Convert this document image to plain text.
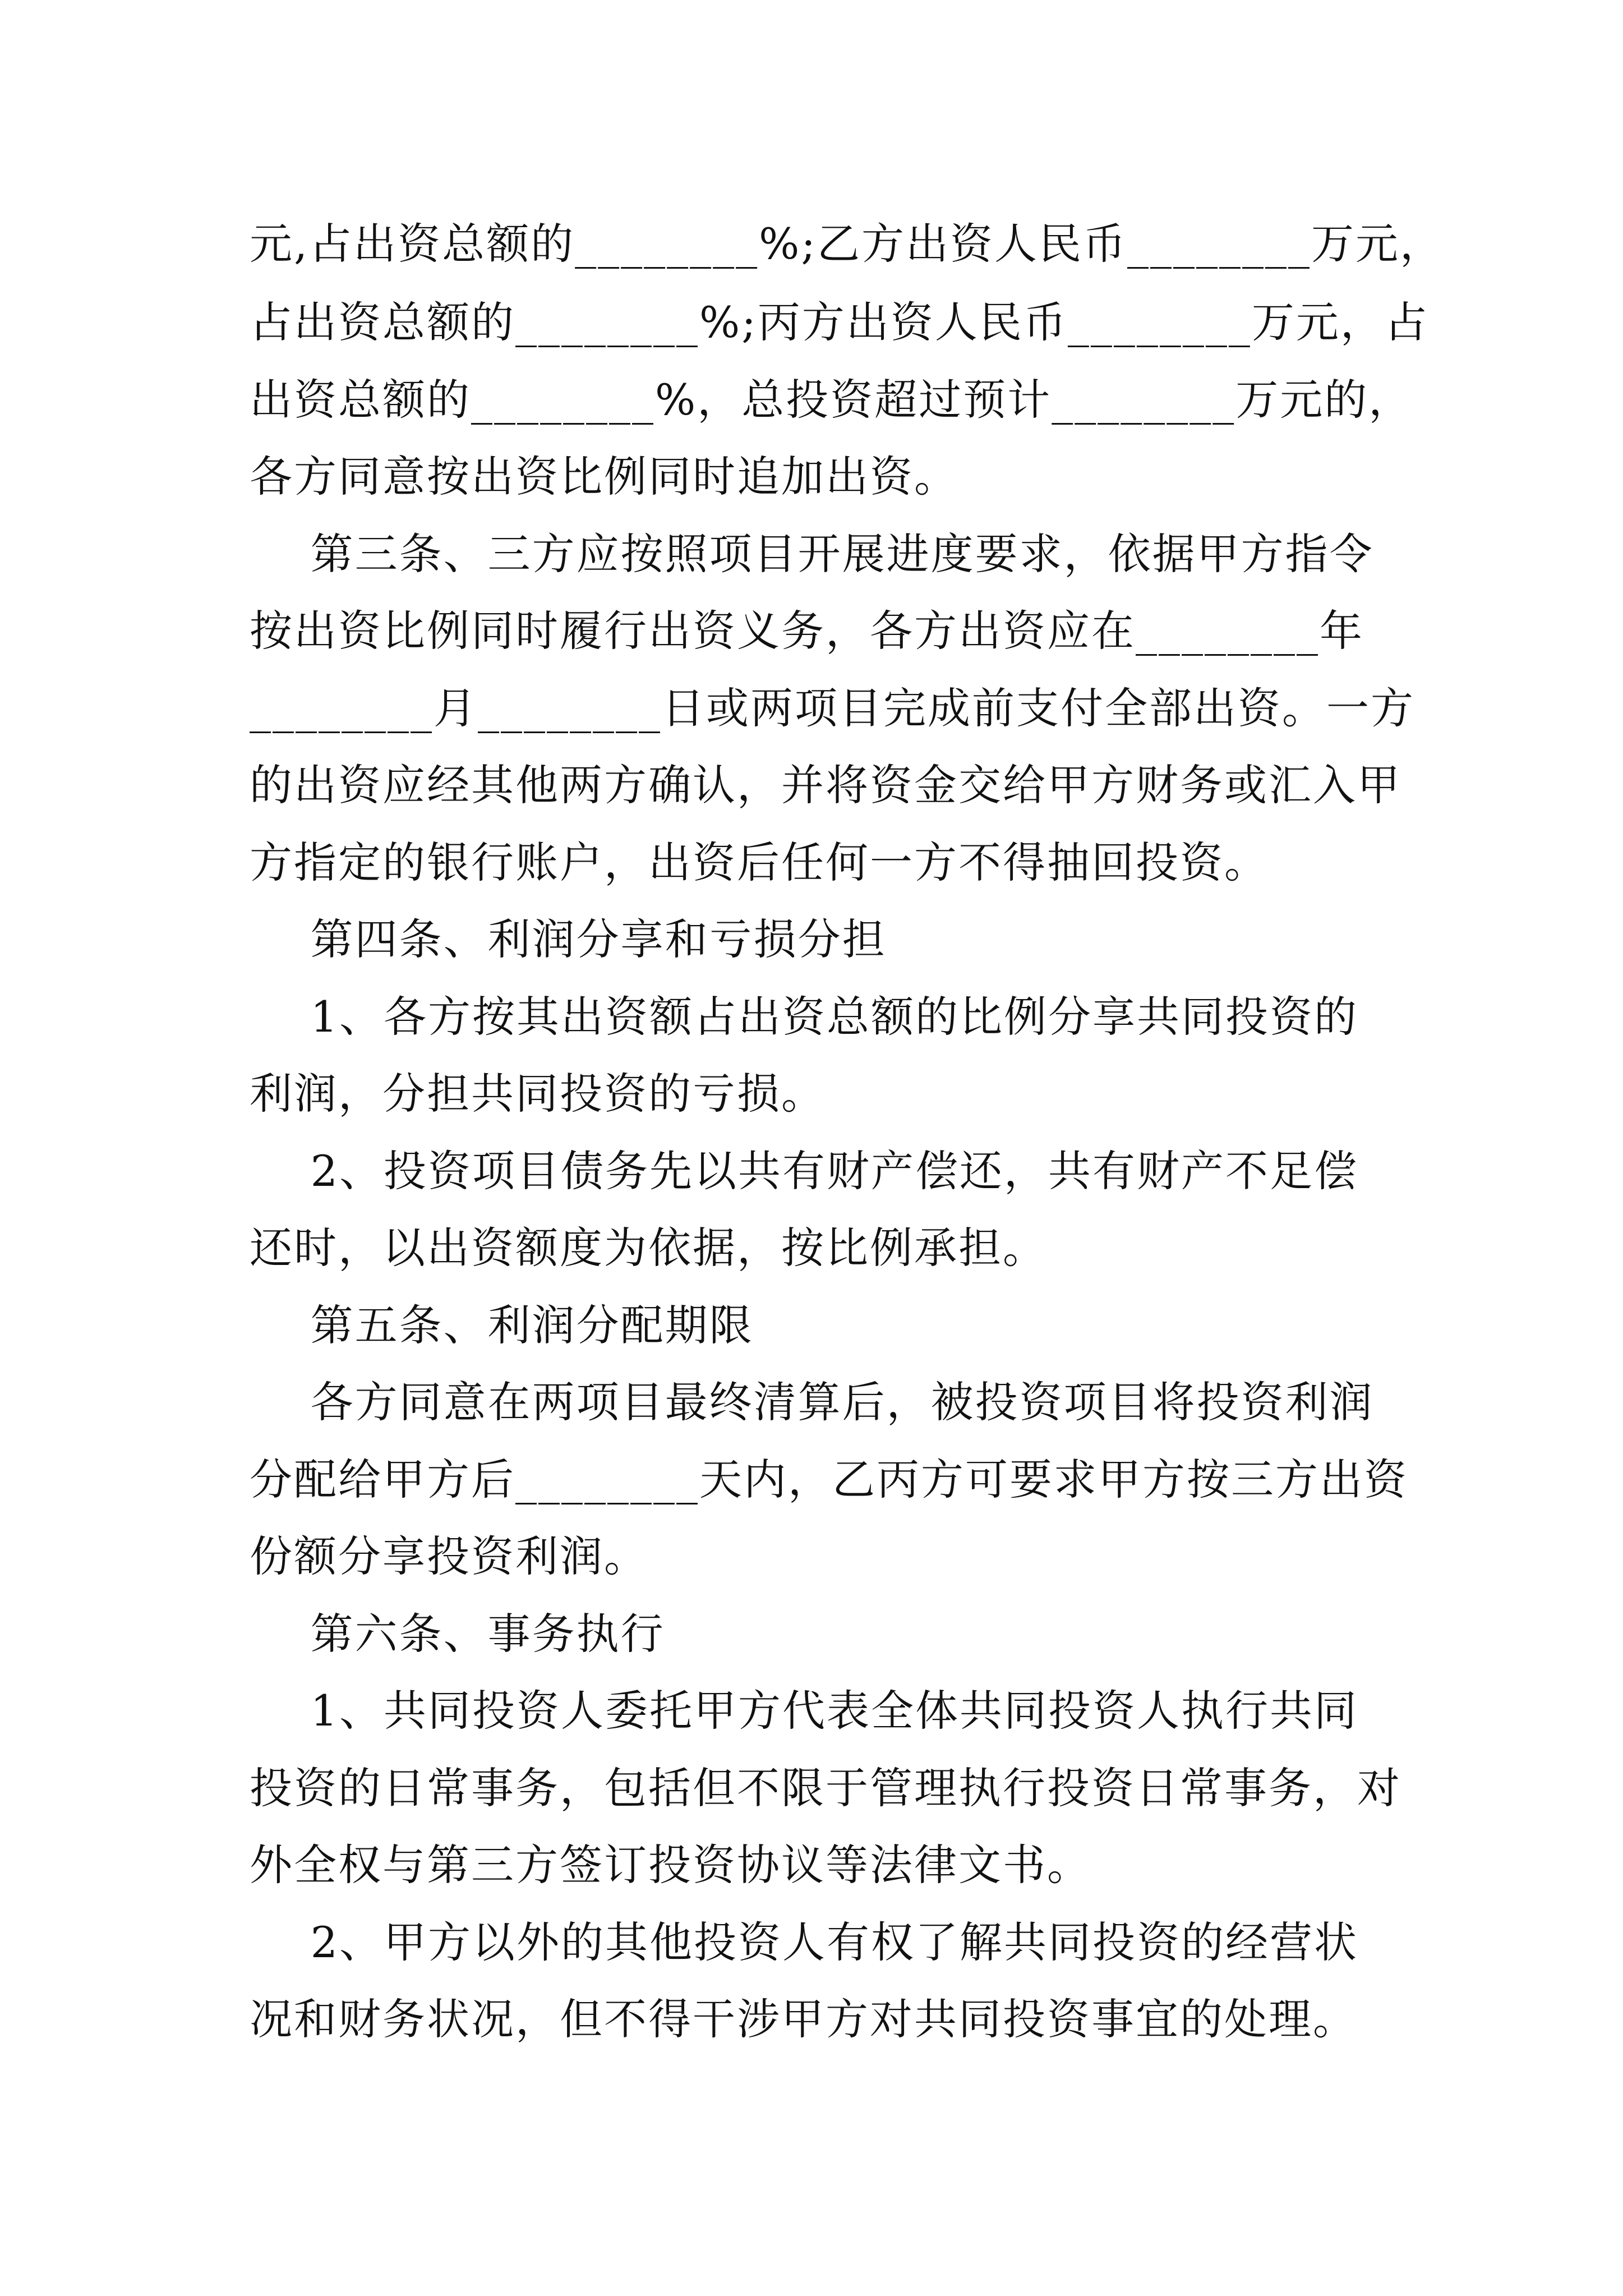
元,占出资总额的________%;乙方出资人民币________万元，
占出资总额的________%;丙方出资人民币________万元，占
出资总额的________%，总投资超过预计________万元的，
各方同意按出资比例同时追加出资。
第三条、三方应按照项目开展进度要求，依据甲方指令
按出资比例同时履行出资义务，各方出资应在________年
________月________日或两项目完成前支付全部出资。一方
的出资应经其他两方确认，并将资金交给甲方财务或汇入甲
方指定的银行账户，出资后任何一方不得抽回投资。
第四条、利润分享和亏损分担
1、各方按其出资额占出资总额的比例分享共同投资的
利润，分担共同投资的亏损。
2、投资项目债务先以共有财产偿还，共有财产不足偿
还时，以出资额度为依据，按比例承担。
第五条、利润分配期限
各方同意在两项目最终清算后，被投资项目将投资利润
分配给甲方后________天内，乙丙方可要求甲方按三方出资
份额分享投资利润。
第六条、事务执行
1、共同投资人委托甲方代表全体共同投资人执行共同
投资的日常事务，包括但不限于管理执行投资日常事务，对
外全权与第三方签订投资协议等法律文书。
2、甲方以外的其他投资人有权了解共同投资的经营状
况和财务状况，但不得干涉甲方对共同投资事宜的处理。
